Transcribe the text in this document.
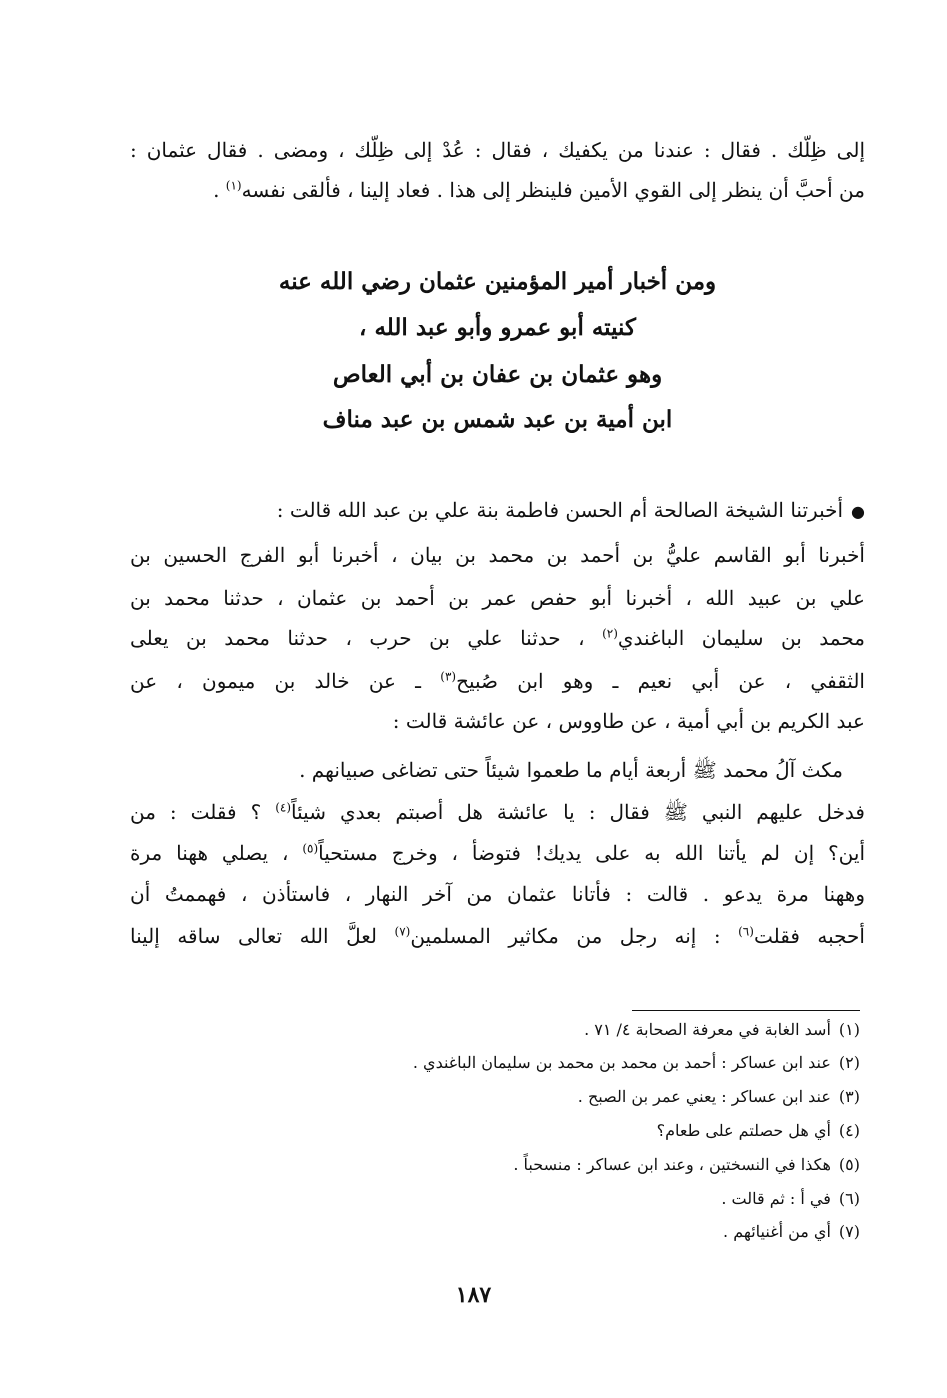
إلى ظِلّك . فقال : عندنا من يكفيك ، فقال : عُدْ إلى ظِلّك ، ومضى . فقال عثمان :
من أحبَّ أن ينظر إلى القوي الأمين فلينظر إلى هذا . فعاد إلينا ، فألقى نفسه$^{(١)}$ .
ومن أخبار أمير المؤمنين عثمان رضي الله عنه
كنيته أبو عمرو وأبو عبد الله ،
وهو عثمان بن عفان بن أبي العاص
ابن أمية بن عبد شمس بن عبد مناف
●أخبرتنا الشيخة الصالحة أم الحسن فاطمة بنة علي بن عبد الله قالت :
أخبرنا أبو القاسم عليُّ بن أحمد بن محمد بن بيان ، أخبرنا أبو الفرج الحسين بن
علي بن عبيد الله ، أخبرنا أبو حفص عمر بن أحمد بن عثمان ، حدثنا محمد بن
محمد بن سليمان الباغندي$^{(٢)}$ ، حدثنا علي بن حرب ، حدثنا محمد بن يعلى
الثقفي ، عن أبي نعيم ـ وهو ابن صُبيح$^{(٣)}$ ـ عن خالد بن ميمون ، عن
عبد الكريم بن أبي أمية ، عن طاووس ، عن عائشة قالت :
مكث آلُ محمد ﷺ أربعة أيام ما طعموا شيئاً حتى تضاغى صبيانهم .
فدخل عليهم النبي ﷺ فقال : يا عائشة هل أصبتم بعدي شيئاً$^{(٤)}$ ؟ فقلت : من
أين؟ إن لم يأتنا الله به على يديك! فتوضأ ، وخرج مستحياً$^{(٥)}$ ، يصلي ههنا مرة
وههنا مرة يدعو . قالت : فأتانا عثمان من آخر النهار ، فاستأذن ، فهممتُ أن
أحجبه فقلت$^{(٦)}$ : إنه رجل من مكاثير المسلمين$^{(٧)}$ لعلَّ الله تعالى ساقه إلينا
(١)أسد الغابة في معرفة الصحابة ٤/ ٧١ .
(٢)عند ابن عساكر : أحمد بن محمد بن محمد بن سليمان الباغندي .
(٣)عند ابن عساكر : يعني عمر بن الصبح .
(٤)أي هل حصلتم على طعام؟
(٥)هكذا في النسختين ، وعند ابن عساكر : منسحباً .
(٦)في أ : ثم قالت .
(٧)أي من أغنيائهم .
١٨٧
